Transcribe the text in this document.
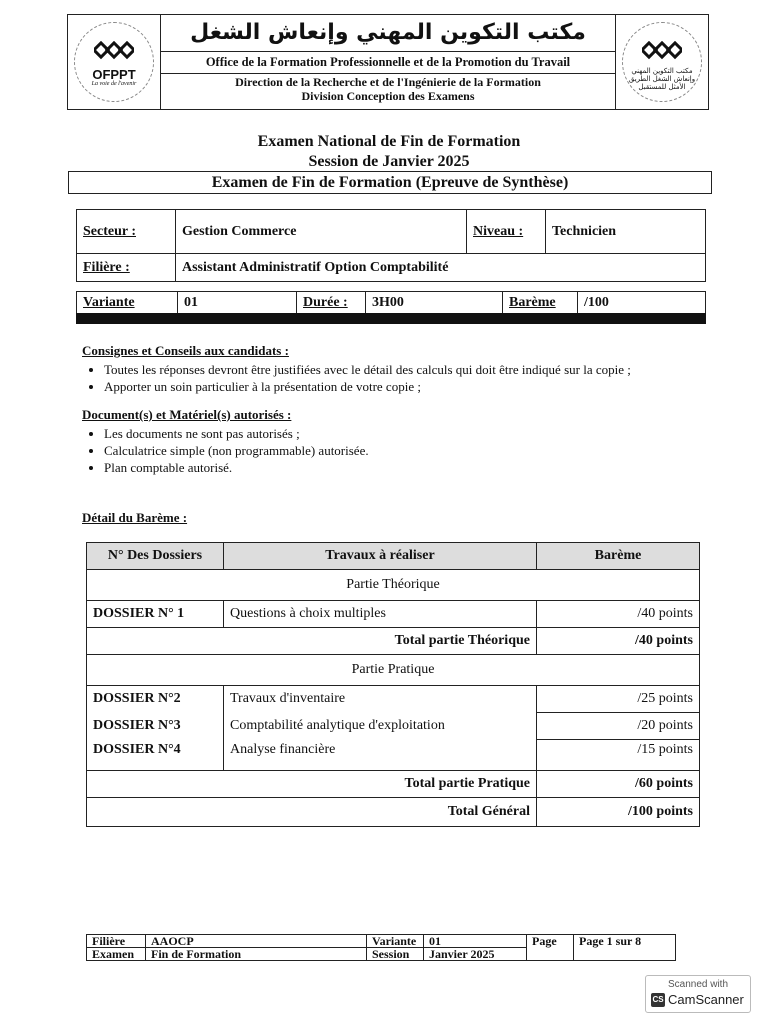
OFPPT
La voie de l'avenir
مكتب التكوين المهني وإنعاش الشغل
Office de la Formation Professionnelle et de la Promotion du Travail
Direction de la Recherche et de l'Ingénierie de la Formation
Division Conception des Examens
مكتب التكوين المهني وإنعاش الشغل الطريق الأمثل للمستقبل
Examen National de Fin de Formation
Session de Janvier 2025
Examen de Fin de Formation (Epreuve de Synthèse)
Secteur :	Gestion Commerce	Niveau :	Technicien
Filière :	Assistant Administratif Option Comptabilité		
Variante	01	Durée :	3H00	Barème	/100
Consignes et Conseils aux candidats :
• Toutes les réponses devront être justifiées avec le détail des calculs qui doit être indiqué sur la copie ;
• Apporter un soin particulier à la présentation de votre copie ;
Document(s) et Matériel(s) autorisés :
• Les documents ne sont pas autorisés ;
• Calculatrice simple (non programmable) autorisée.
• Plan comptable autorisé.
Détail du Barème :
N° Des Dossiers	Travaux à réaliser	Barème
Partie Théorique		
DOSSIER N° 1	Questions à choix multiples	/40 points
Total partie Théorique		/40 points
Partie Pratique		
DOSSIER N°2	Travaux d'inventaire	/25 points
DOSSIER N°3	Comptabilité analytique d'exploitation	/20 points
DOSSIER N°4	Analyse financière	/15 points
Total partie Pratique		/60 points
Total Général		/100 points
Filière	AAOCP	Variante	01	Page	Page 1 sur 8
Examen	Fin de Formation	Session	Janvier 2025		
Scanned with
CS CamScanner
